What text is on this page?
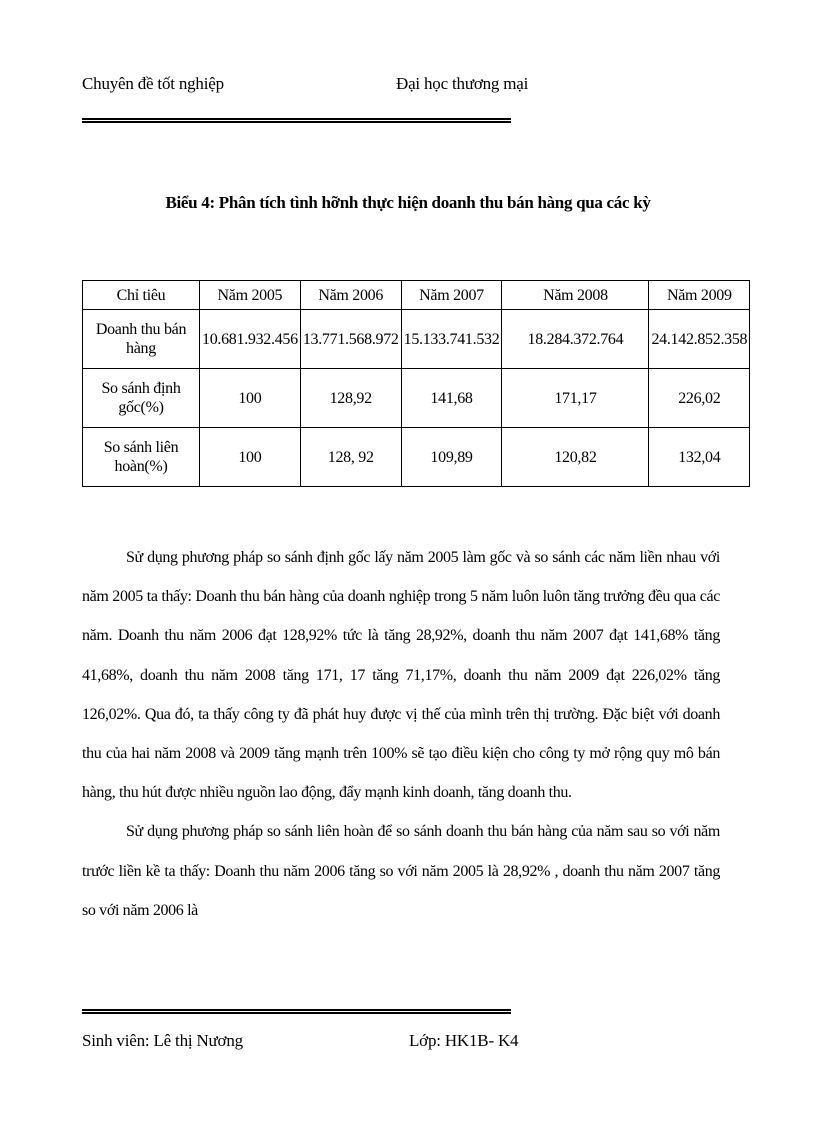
Chuyên đề tốt nghiệp	Đại học thương mại
Biểu 4: Phân tích tình hỡnh thực hiện doanh thu bán hàng qua các kỳ
Chỉ tiêu	Năm 2005	Năm 2006	Năm 2007	Năm 2008	Năm 2009
Doanh thu bán hàng	10.681.932.456	13.771.568.972	15.133.741.532	18.284.372.764	24.142.852.358
So sánh định gốc(%)	100	128,92	141,68	171,17	226,02
So sánh liên hoàn(%)	100	128, 92	109,89	120,82	132,04

Sử dụng phương pháp so sánh định gốc lấy năm 2005 làm gốc và so sánh các năm liền nhau với năm 2005 ta thấy: Doanh thu bán hàng của doanh nghiệp trong 5 năm luôn luôn tăng trưởng đều qua các năm. Doanh thu năm 2006 đạt 128,92% tức là tăng 28,92%, doanh thu năm 2007 đạt 141,68% tăng 41,68%, doanh thu năm 2008 tăng 171, 17 tăng 71,17%, doanh thu năm 2009 đạt 226,02% tăng 126,02%. Qua đó, ta thấy công ty đã phát huy được vị thế của mình trên thị trường. Đặc biệt với doanh thu của hai năm 2008 và 2009 tăng mạnh trên 100% sẽ tạo điều kiện cho công ty mở rộng quy mô bán hàng, thu hút được nhiều nguồn lao động, đẩy mạnh kinh doanh, tăng doanh thu.

Sử dụng phương pháp so sánh liên hoàn để so sánh doanh thu bán hàng của năm sau so với năm trước liền kề ta thấy: Doanh thu năm 2006 tăng so với năm 2005 là 28,92% , doanh thu năm 2007 tăng so với năm 2006 là

Sinh viên: Lê thị Nương	Lớp: HK1B- K4
